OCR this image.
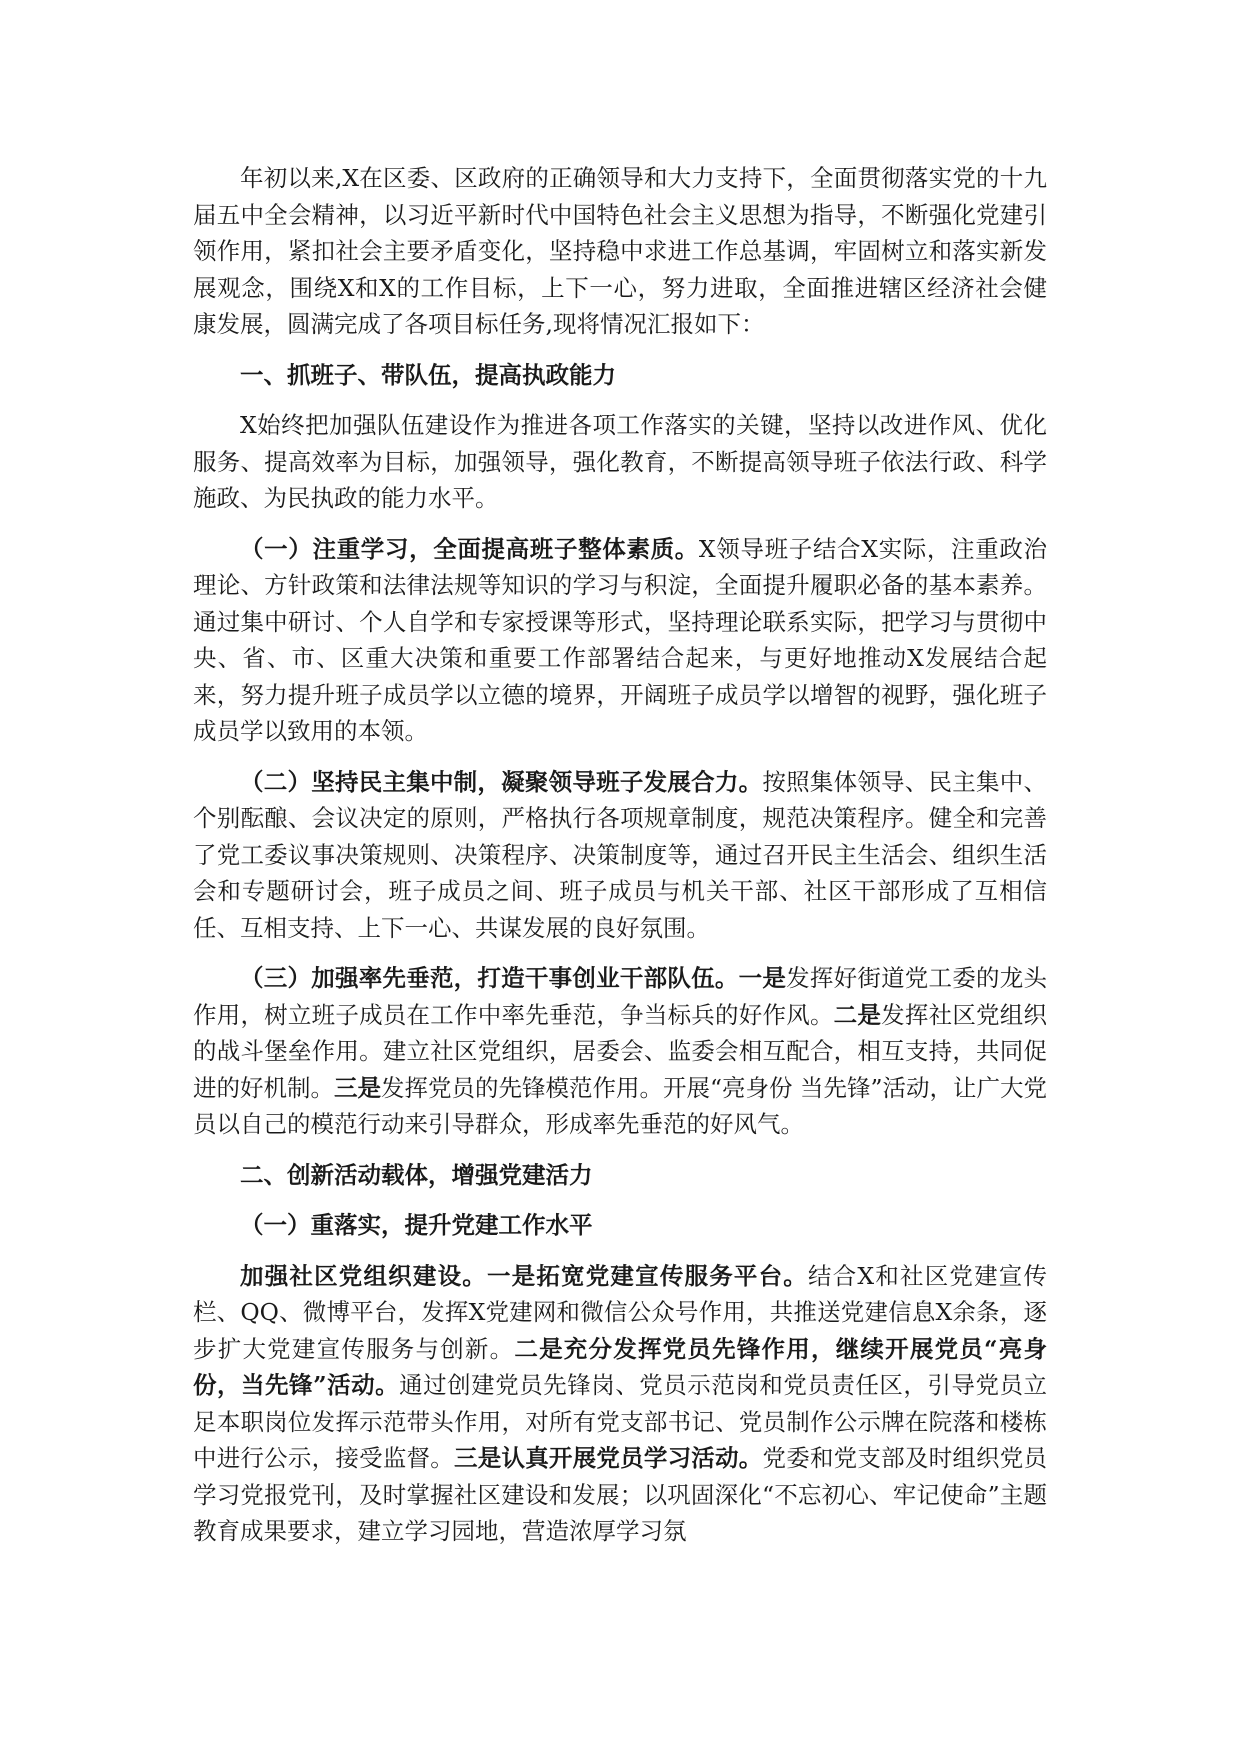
年初以来,X在区委、区政府的正确领导和大力支持下，全面贯彻落实党的十九届五中全会精神，以习近平新时代中国特色社会主义思想为指导，不断强化党建引领作用，紧扣社会主要矛盾变化，坚持稳中求进工作总基调，牢固树立和落实新发展观念，围绕X和X的工作目标，上下一心，努力进取，全面推进辖区经济社会健康发展，圆满完成了各项目标任务,现将情况汇报如下：

一、抓班子、带队伍，提高执政能力

X始终把加强队伍建设作为推进各项工作落实的关键，坚持以改进作风、优化服务、提高效率为目标，加强领导，强化教育，不断提高领导班子依法行政、科学施政、为民执政的能力水平。

（一）注重学习，全面提高班子整体素质。X领导班子结合X实际，注重政治理论、方针政策和法律法规等知识的学习与积淀，全面提升履职必备的基本素养。通过集中研讨、个人自学和专家授课等形式，坚持理论联系实际，把学习与贯彻中央、省、市、区重大决策和重要工作部署结合起来，与更好地推动X发展结合起来，努力提升班子成员学以立德的境界，开阔班子成员学以增智的视野，强化班子成员学以致用的本领。

（二）坚持民主集中制，凝聚领导班子发展合力。按照集体领导、民主集中、个别酝酿、会议决定的原则，严格执行各项规章制度，规范决策程序。健全和完善了党工委议事决策规则、决策程序、决策制度等，通过召开民主生活会、组织生活会和专题研讨会，班子成员之间、班子成员与机关干部、社区干部形成了互相信任、互相支持、上下一心、共谋发展的良好氛围。

（三）加强率先垂范，打造干事创业干部队伍。一是发挥好街道党工委的龙头作用，树立班子成员在工作中率先垂范，争当标兵的好作风。二是发挥社区党组织的战斗堡垒作用。建立社区党组织，居委会、监委会相互配合，相互支持，共同促进的好机制。三是发挥党员的先锋模范作用。开展“亮身份 当先锋”活动，让广大党员以自己的模范行动来引导群众，形成率先垂范的好风气。

二、创新活动载体，增强党建活力

（一）重落实，提升党建工作水平

加强社区党组织建设。一是拓宽党建宣传服务平台。结合X和社区党建宣传栏、QQ、微博平台，发挥X党建网和微信公众号作用，共推送党建信息X余条，逐步扩大党建宣传服务与创新。二是充分发挥党员先锋作用，继续开展党员“亮身份，当先锋”活动。通过创建党员先锋岗、党员示范岗和党员责任区，引导党员立足本职岗位发挥示范带头作用，对所有党支部书记、党员制作公示牌在院落和楼栋中进行公示，接受监督。三是认真开展党员学习活动。党委和党支部及时组织党员学习党报党刊，及时掌握社区建设和发展；以巩固深化“不忘初心、牢记使命”主题教育成果要求，建立学习园地，营造浓厚学习氛
